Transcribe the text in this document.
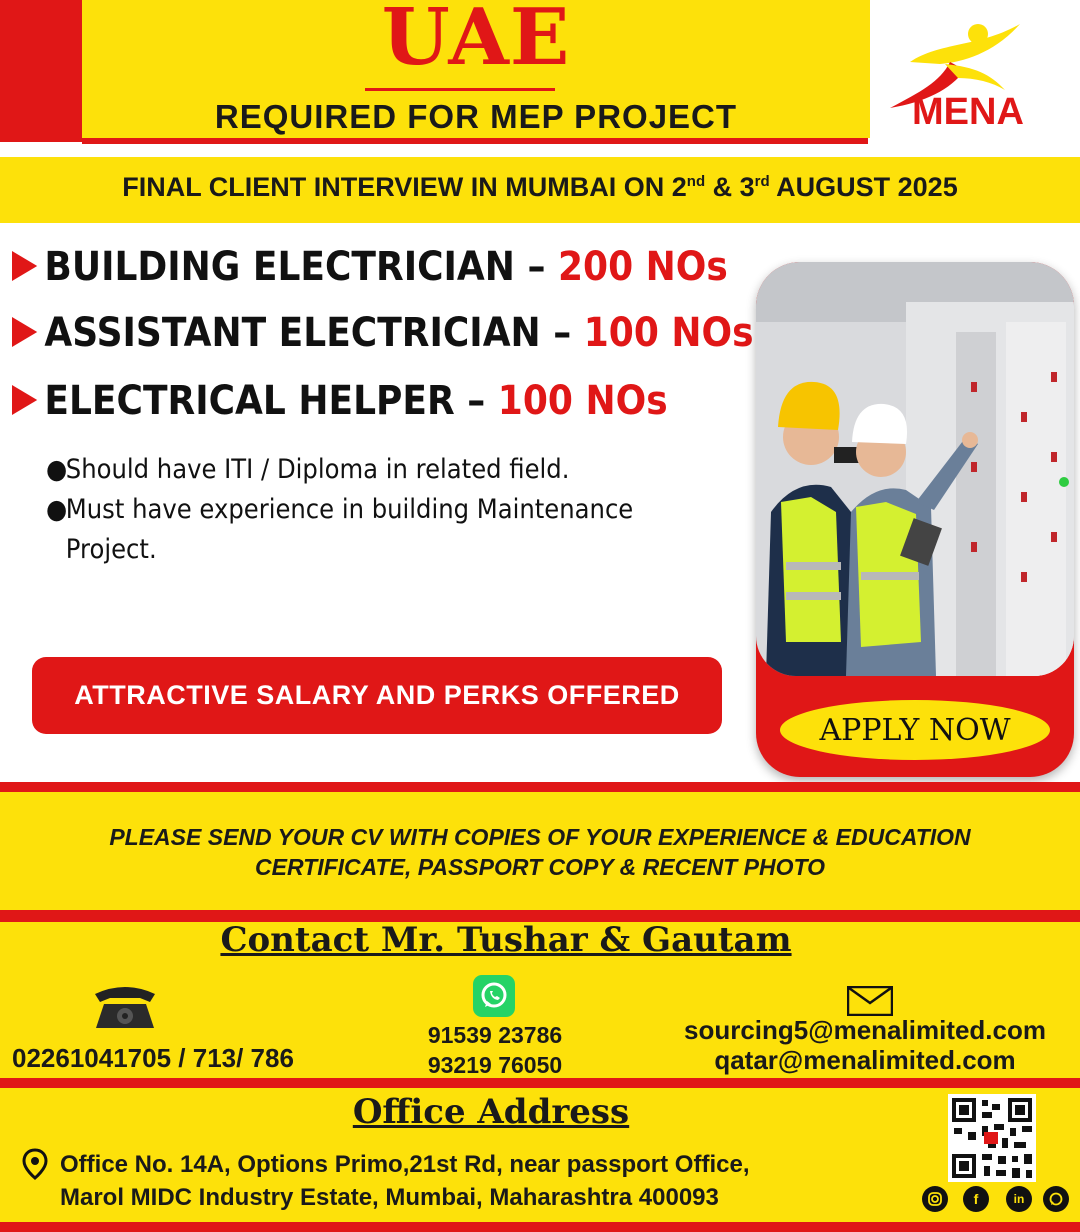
UAE
REQUIRED FOR MEP PROJECT	MENA
FINAL CLIENT INTERVIEW IN MUMBAI ON 2nd & 3rd AUGUST 2025
BUILDING ELECTRICIAN – 200 NOs
ASSISTANT ELECTRICIAN – 100 NOs
ELECTRICAL HELPER – 100 NOs
●
Should have ITI / Diploma in related field.
●
Must have experience in building Maintenance
Project.
ATTRACTIVE SALARY AND PERKS OFFERED
APPLY NOW
PLEASE SEND YOUR CV WITH COPIES OF YOUR EXPERIENCE & EDUCATION
CERTIFICATE, PASSPORT COPY & RECENT PHOTO
Contact Mr. Tushar & Gautam
02261041705 / 713/ 786
91539 23786
93219 76050
sourcing5@menalimited.com
qatar@menalimited.com
Office Address
Office No. 14A, Options Primo,21st Rd, near passport Office,
Marol MIDC Industry Estate, Mumbai, Maharashtra 400093	f	in
